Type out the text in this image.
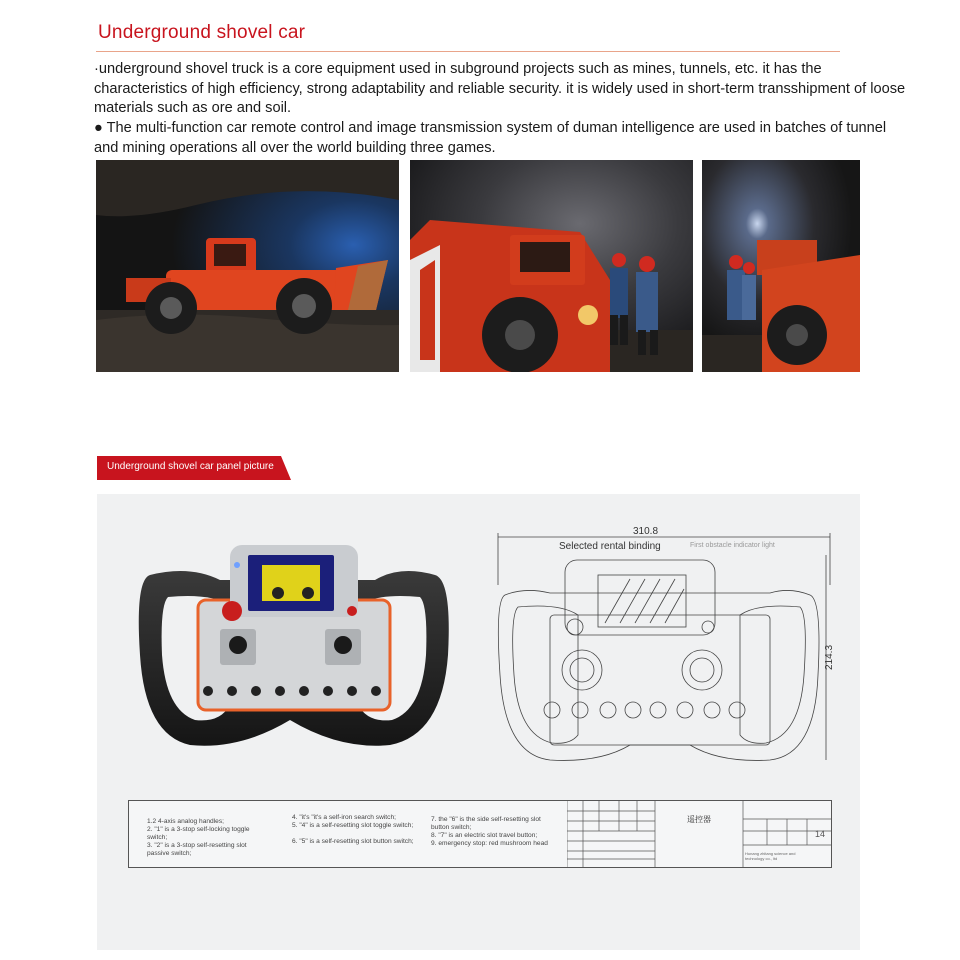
Underground shovel car
·underground shovel truck is a core equipment used in subground projects such as mines, tunnels, etc. it has the characteristics of high efficiency, strong adaptability and reliable security. it is widely used in short-term transshipment of loose materials such as ore and soil.
● The multi-function car remote control and image transmission system of duman intelligence are used in batches of tunnel and mining operations all over the world building three games.
Underground shovel car panel picture
310.8
Selected rental binding	First obstacle indicator light
214.3
1.2 4-axis analog handles;
2. "1" is a 3-stop self-locking toggle switch;
3. "2" is a 3-stop self-resetting slot passive switch;
4. "it's "it's a self-iron search switch;
5. "4" is a self-resetting slot toggle switch;

6. "5" is a self-resetting slot button switch;
7. the "6" is the side self-resetting slot button switch;
8. "7" is an electric slot travel button;
9. emergency stop: red mushroom head
遥控器
Hunang zhitang science and technology co., ltd
14
